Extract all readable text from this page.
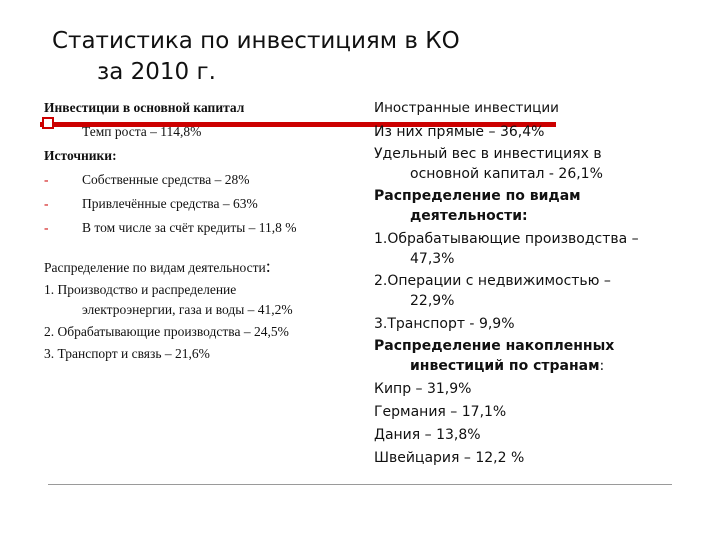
Статистика по инвестициям в КО
за 2010 г.
Инвестиции в основной капитал
Темп роста – 114,8%
Источники:
- Собственные средства – 28%
- Привлечённые средства – 63%
- В том числе за счёт кредиты – 11,8 %
Распределение по видам деятельности:
1. Производство и распределение
электроэнергии, газа и воды – 41,2%
2. Обрабатывающие производства – 24,5%
3. Транспорт и связь – 21,6%
Иностранные инвестиции
Из них прямые – 36,4%
Удельный вес в инвестициях в
основной капитал - 26,1%
Распределение по видам
деятельности:
1.Обрабатывающие производства –
47,3%
2.Операции с недвижимостью –
22,9%
3.Транспорт - 9,9%
Распределение накопленных
инвестиций по странам:
Кипр – 31,9%
Германия – 17,1%
Дания – 13,8%
Швейцария – 12,2 %
